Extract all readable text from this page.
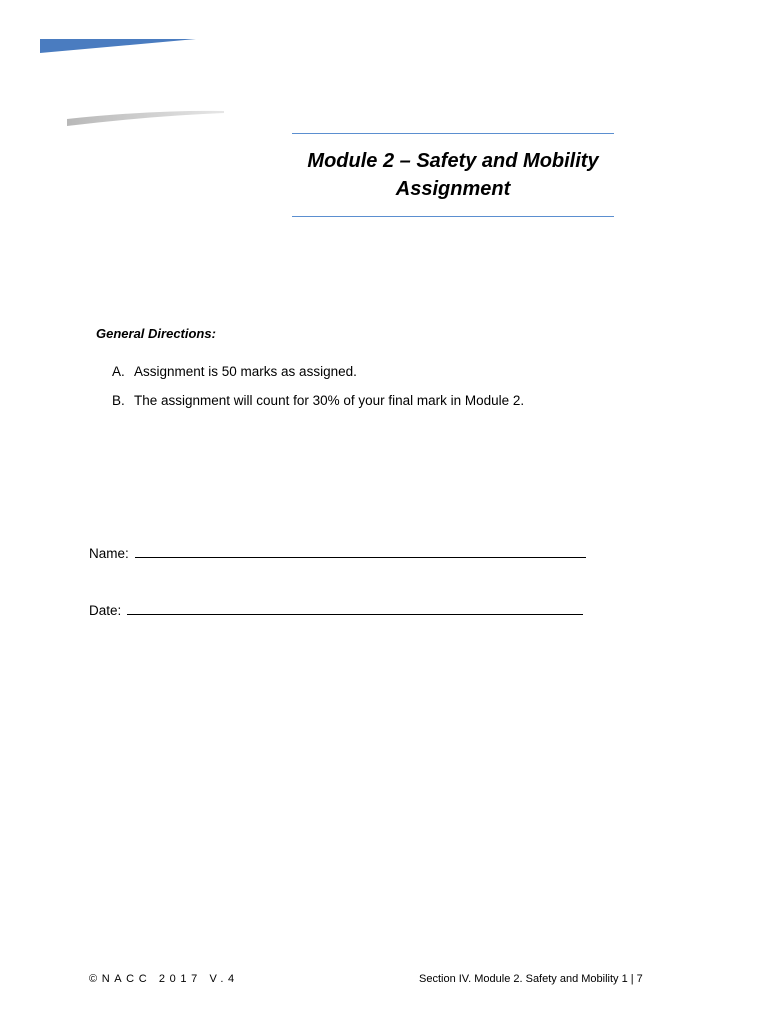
Module 2 – Safety and Mobility
Assignment
General Directions:
A. Assignment is 50 marks as assigned.
B. The assignment will count for 30% of your final mark in Module 2.
Name:
Date:
©NACC 2017 V.4	Section IV. Module 2. Safety and Mobility 1 | 7
